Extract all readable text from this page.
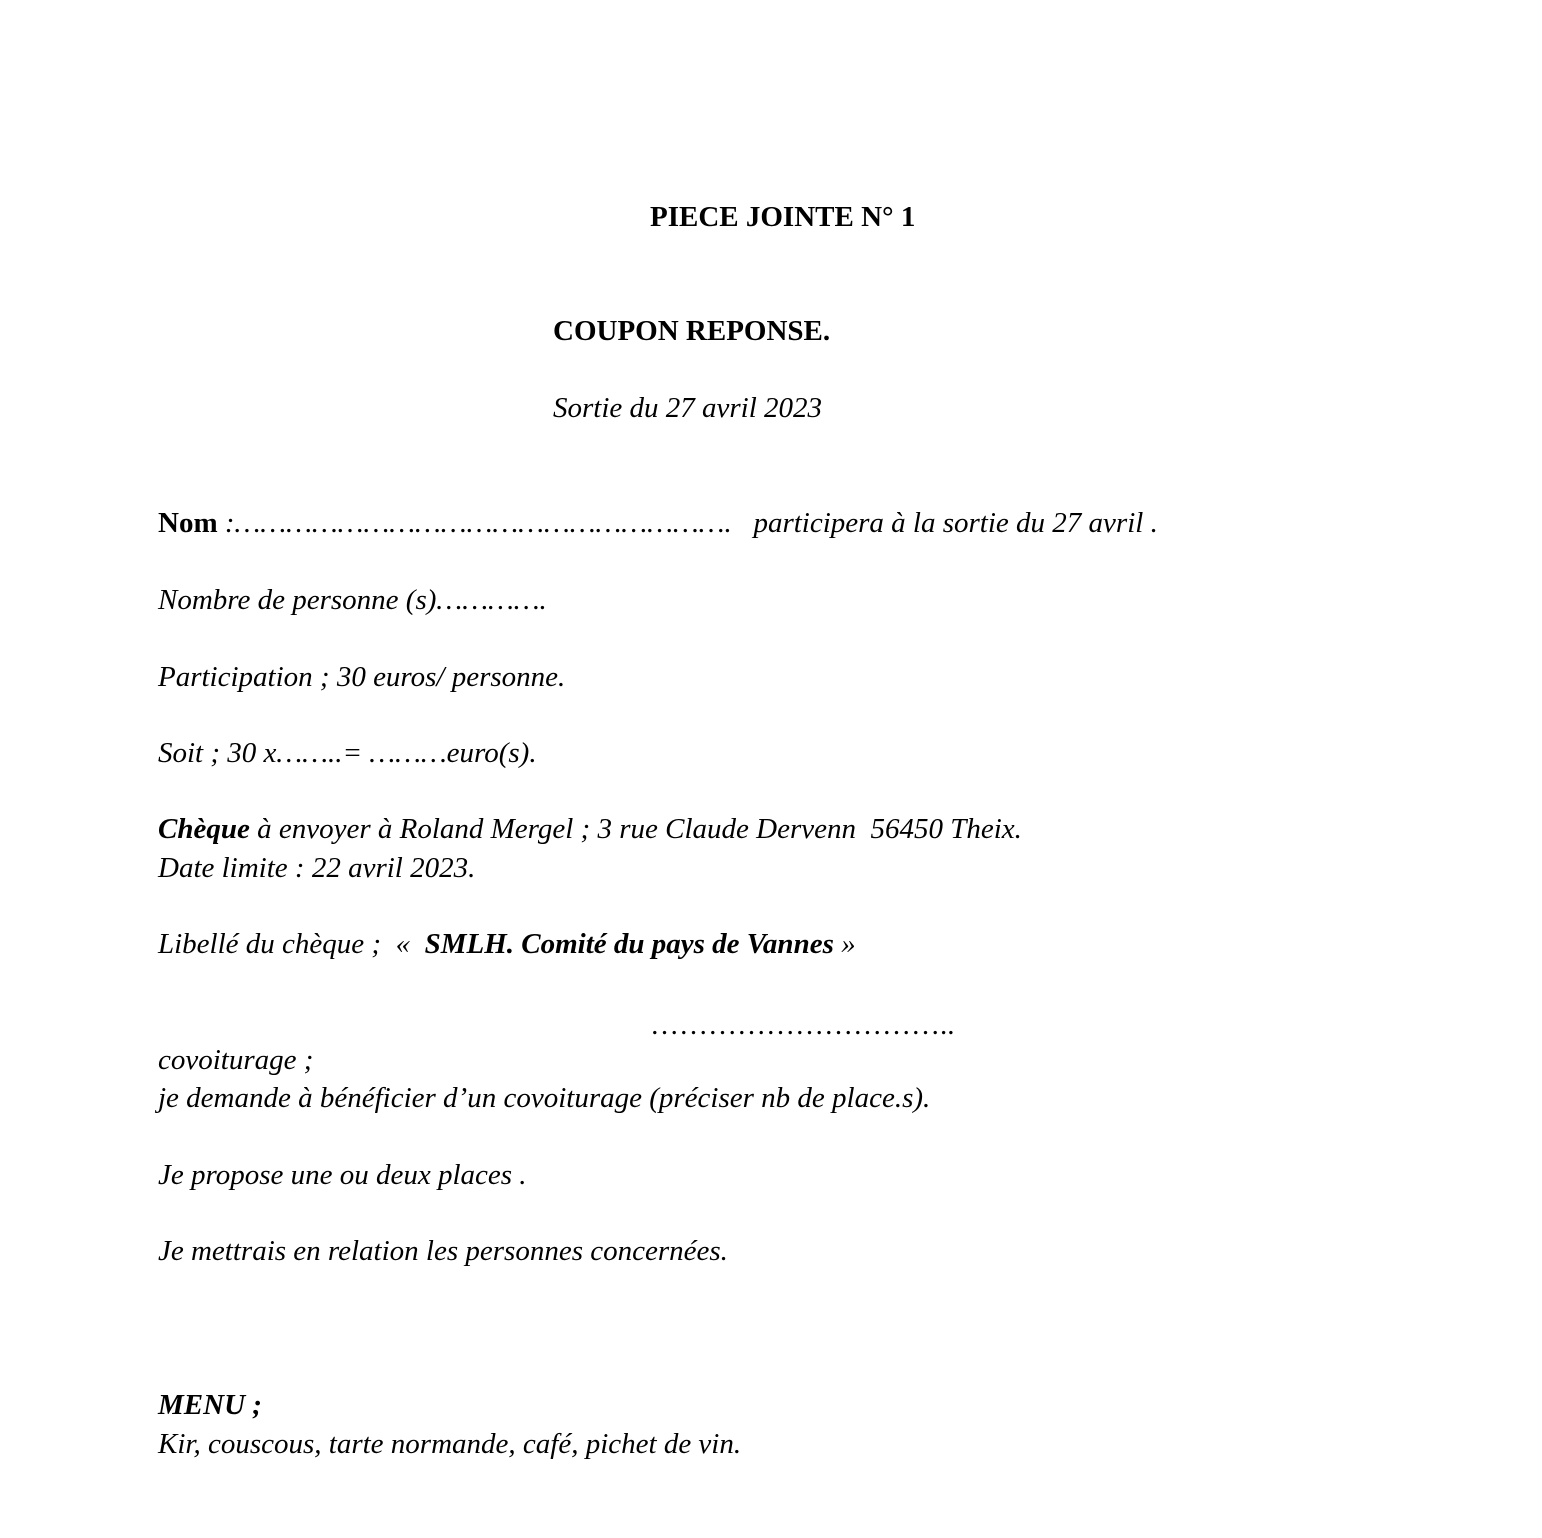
PIECE JOINTE N° 1
COUPON REPONSE.
Sortie du 27 avril 2023
Nom :………………………………………………….   participera à la sortie du 27 avril .
Nombre de personne (s)………….
Participation ; 30 euros/ personne.
Soit ; 30 x……..= ………euro(s).
Chèque à envoyer à Roland Mergel ; 3 rue Claude Dervenn  56450 Theix.
Date limite : 22 avril 2023.
Libellé du chèque ;  «  SMLH. Comité du pays de Vannes »
…………………………..
covoiturage ;
je demande à bénéficier d’un covoiturage (préciser nb de place.s).
Je propose une ou deux places .
Je mettrais en relation les personnes concernées.
MENU ;
Kir, couscous, tarte normande, café, pichet de vin.
